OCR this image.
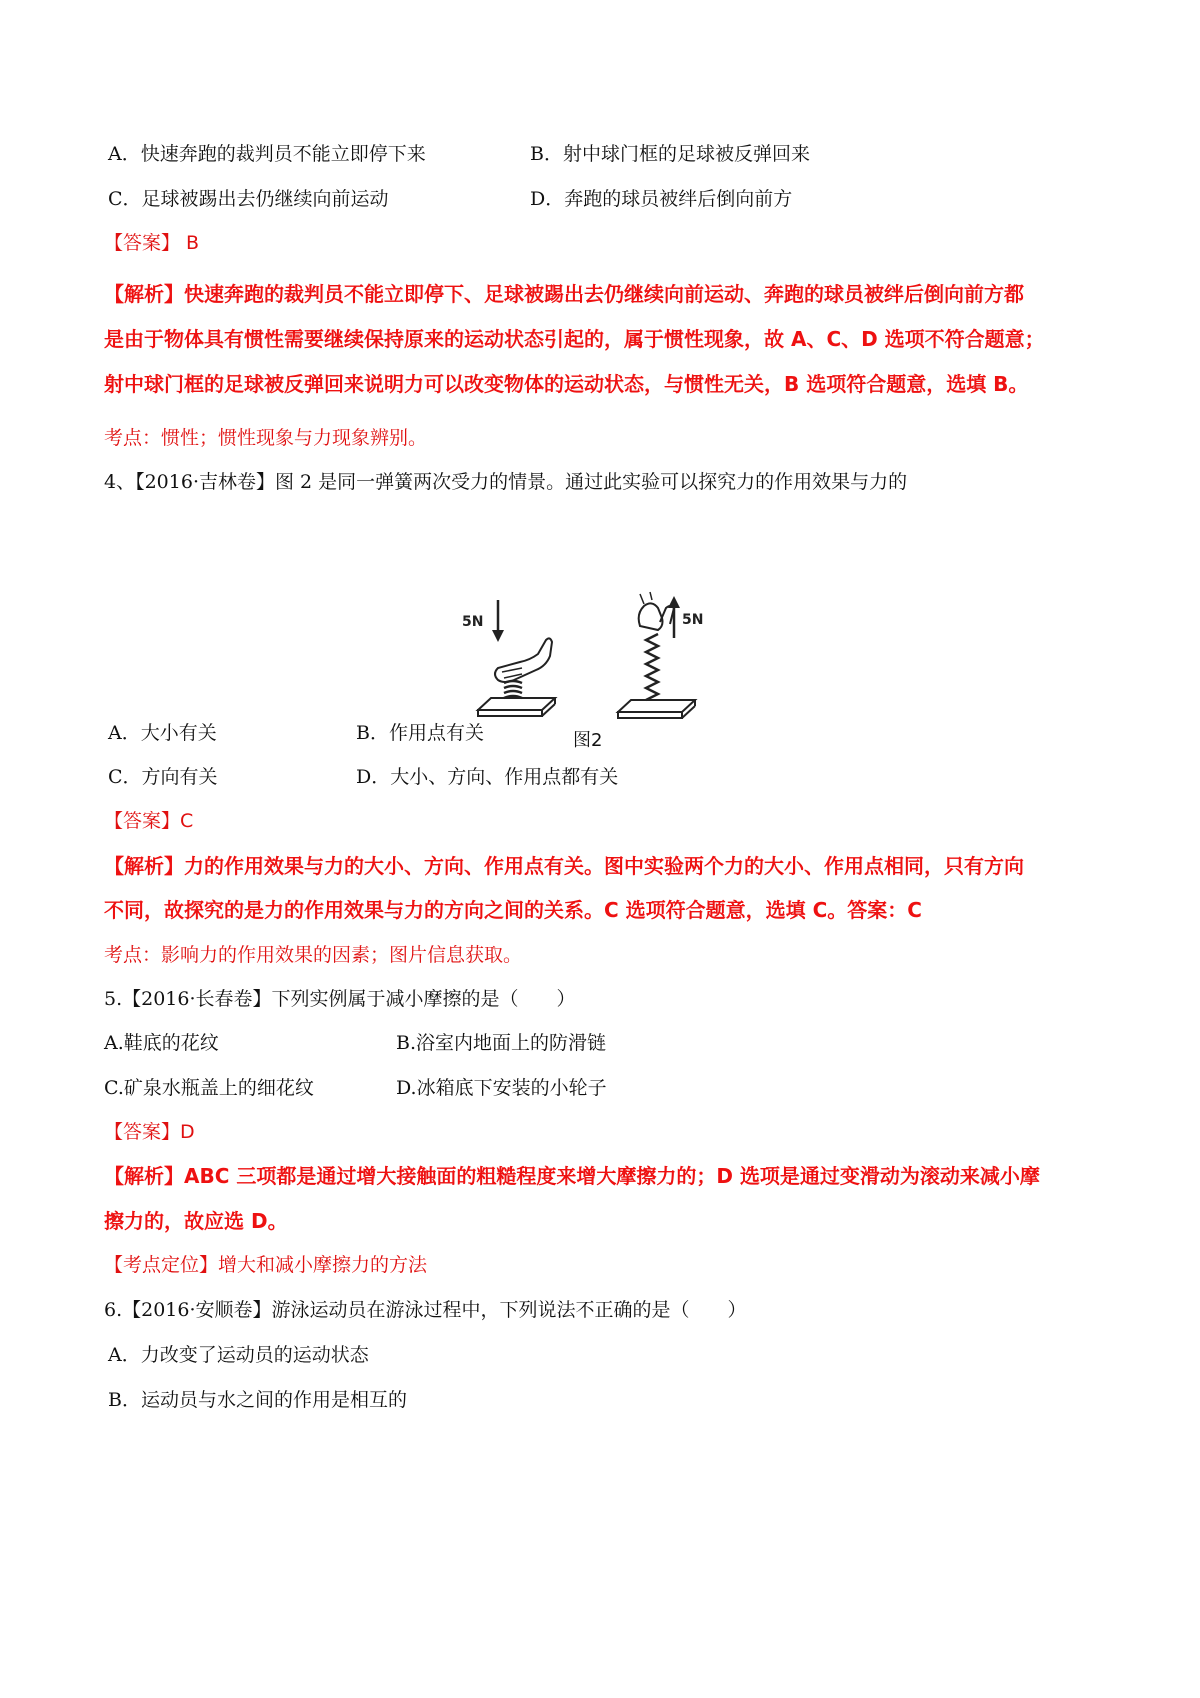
A．快速奔跑的裁判员不能立即停下来	B．射中球门框的足球被反弹回来
C．足球被踢出去仍继续向前运动	D．奔跑的球员被绊后倒向前方
【答案】 B
【解析】快速奔跑的裁判员不能立即停下、足球被踢出去仍继续向前运动、奔跑的球员被绊后倒向前方都
是由于物体具有惯性需要继续保持原来的运动状态引起的，属于惯性现象，故 A、C、D 选项不符合题意；
射中球门框的足球被反弹回来说明力可以改变物体的运动状态，与惯性无关，B 选项符合题意，选填 B。
考点：惯性；惯性现象与力现象辨别。
4、【2016·吉林卷】图 2 是同一弹簧两次受力的情景。通过此实验可以探究力的作用效果与力的
5N	5N
图2
A．大小有关	B．作用点有关
C．方向有关	D．大小、方向、作用点都有关
【答案】C
【解析】力的作用效果与力的大小、方向、作用点有关。图中实验两个力的大小、作用点相同，只有方向
不同，故探究的是力的作用效果与力的方向之间的关系。C 选项符合题意，选填 C。答案：C
考点：影响力的作用效果的因素；图片信息获取。
5.【2016·长春卷】下列实例属于减小摩擦的是（　　）
A.鞋底的花纹	B.浴室内地面上的防滑链
C.矿泉水瓶盖上的细花纹	D.冰箱底下安装的小轮子
【答案】D
【解析】ABC 三项都是通过增大接触面的粗糙程度来增大摩擦力的；D 选项是通过变滑动为滚动来减小摩
擦力的，故应选 D。
【考点定位】增大和减小摩擦力的方法
6.【2016·安顺卷】游泳运动员在游泳过程中，下列说法不正确的是（　　）
A．力改变了运动员的运动状态
B．运动员与水之间的作用是相互的
